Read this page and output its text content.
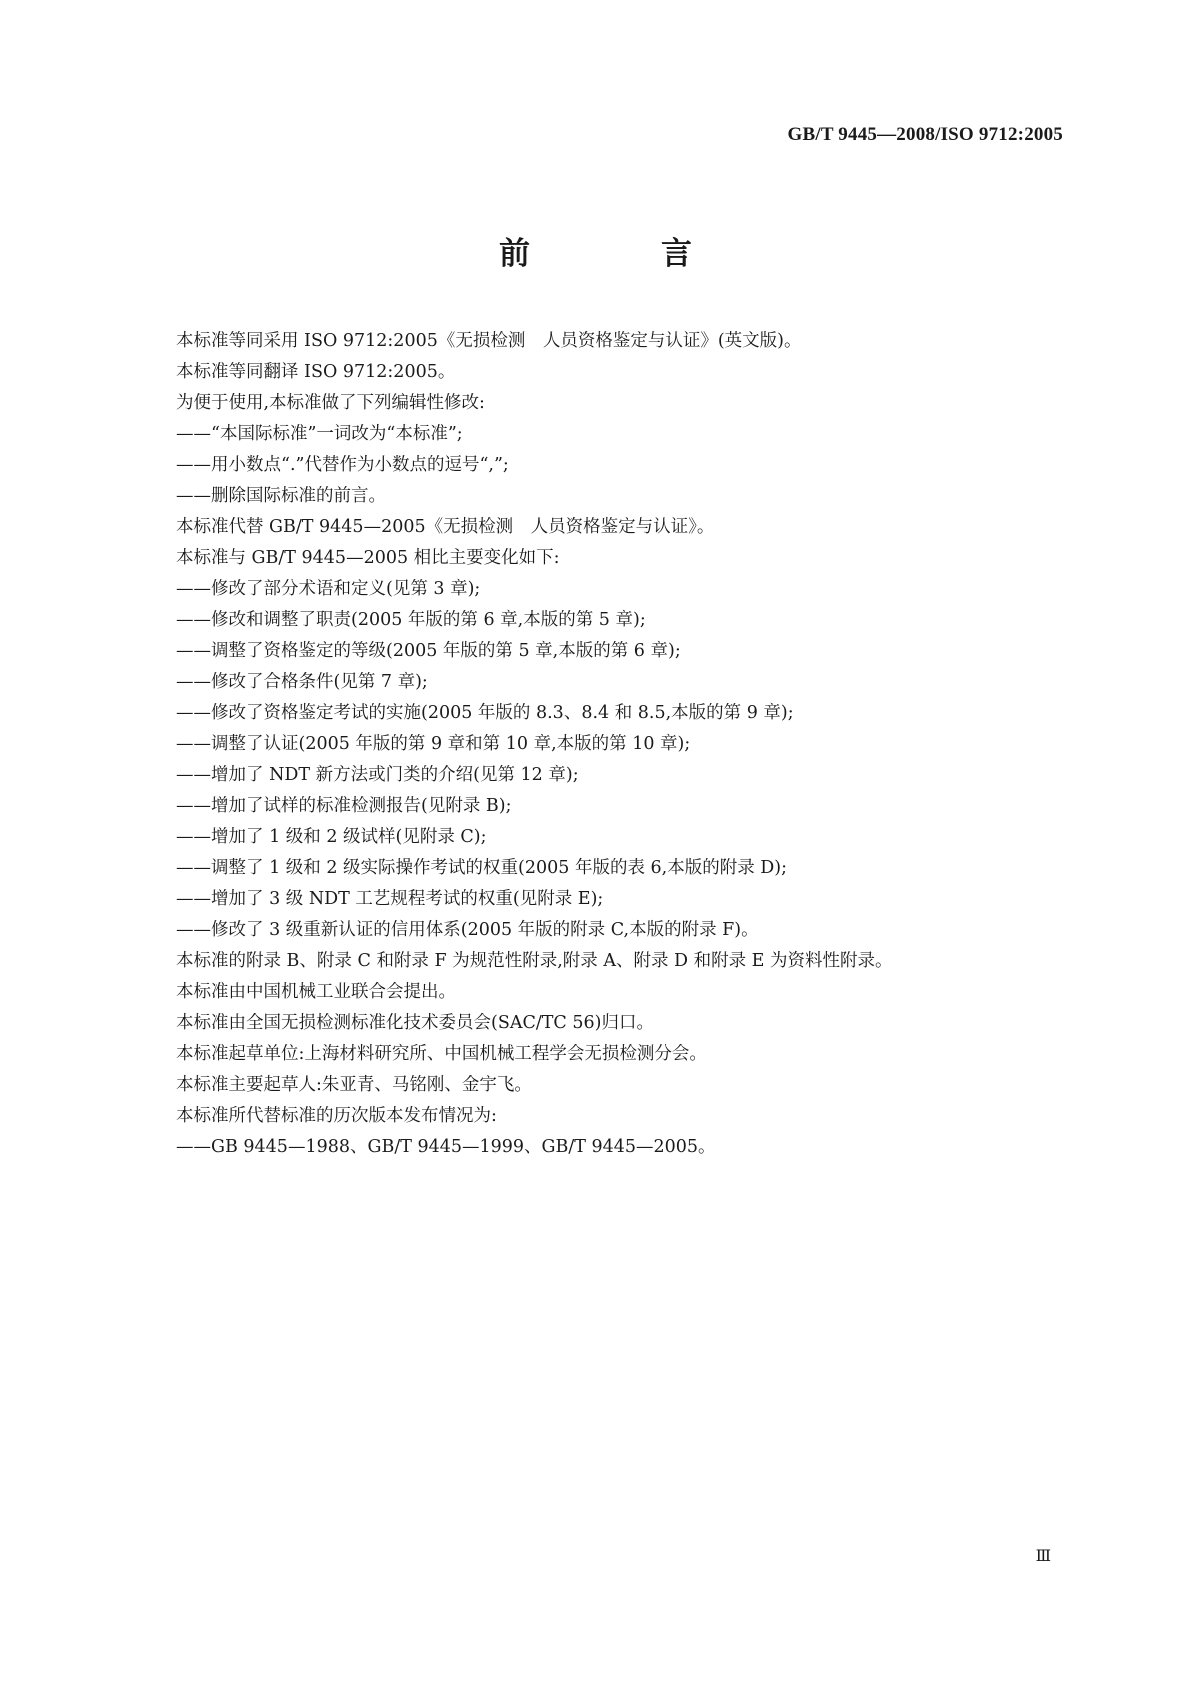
GB/T 9445—2008/ISO 9712:2005
前　言
本标准等同采用 ISO 9712:2005《无损检测　人员资格鉴定与认证》(英文版)。
本标准等同翻译 ISO 9712:2005。
为便于使用,本标准做了下列编辑性修改:
——“本国际标准”一词改为“本标准”;
——用小数点“.”代替作为小数点的逗号“,”;
——删除国际标准的前言。
本标准代替 GB/T 9445—2005《无损检测　人员资格鉴定与认证》。
本标准与 GB/T 9445—2005 相比主要变化如下:
——修改了部分术语和定义(见第 3 章);
——修改和调整了职责(2005 年版的第 6 章,本版的第 5 章);
——调整了资格鉴定的等级(2005 年版的第 5 章,本版的第 6 章);
——修改了合格条件(见第 7 章);
——修改了资格鉴定考试的实施(2005 年版的 8.3、8.4 和 8.5,本版的第 9 章);
——调整了认证(2005 年版的第 9 章和第 10 章,本版的第 10 章);
——增加了 NDT 新方法或门类的介绍(见第 12 章);
——增加了试样的标准检测报告(见附录 B);
——增加了 1 级和 2 级试样(见附录 C);
——调整了 1 级和 2 级实际操作考试的权重(2005 年版的表 6,本版的附录 D);
——增加了 3 级 NDT 工艺规程考试的权重(见附录 E);
——修改了 3 级重新认证的信用体系(2005 年版的附录 C,本版的附录 F)。
本标准的附录 B、附录 C 和附录 F 为规范性附录,附录 A、附录 D 和附录 E 为资料性附录。
本标准由中国机械工业联合会提出。
本标准由全国无损检测标准化技术委员会(SAC/TC 56)归口。
本标准起草单位:上海材料研究所、中国机械工程学会无损检测分会。
本标准主要起草人:朱亚青、马铭刚、金宇飞。
本标准所代替标准的历次版本发布情况为:
——GB 9445—1988、GB/T 9445—1999、GB/T 9445—2005。
Ⅲ
